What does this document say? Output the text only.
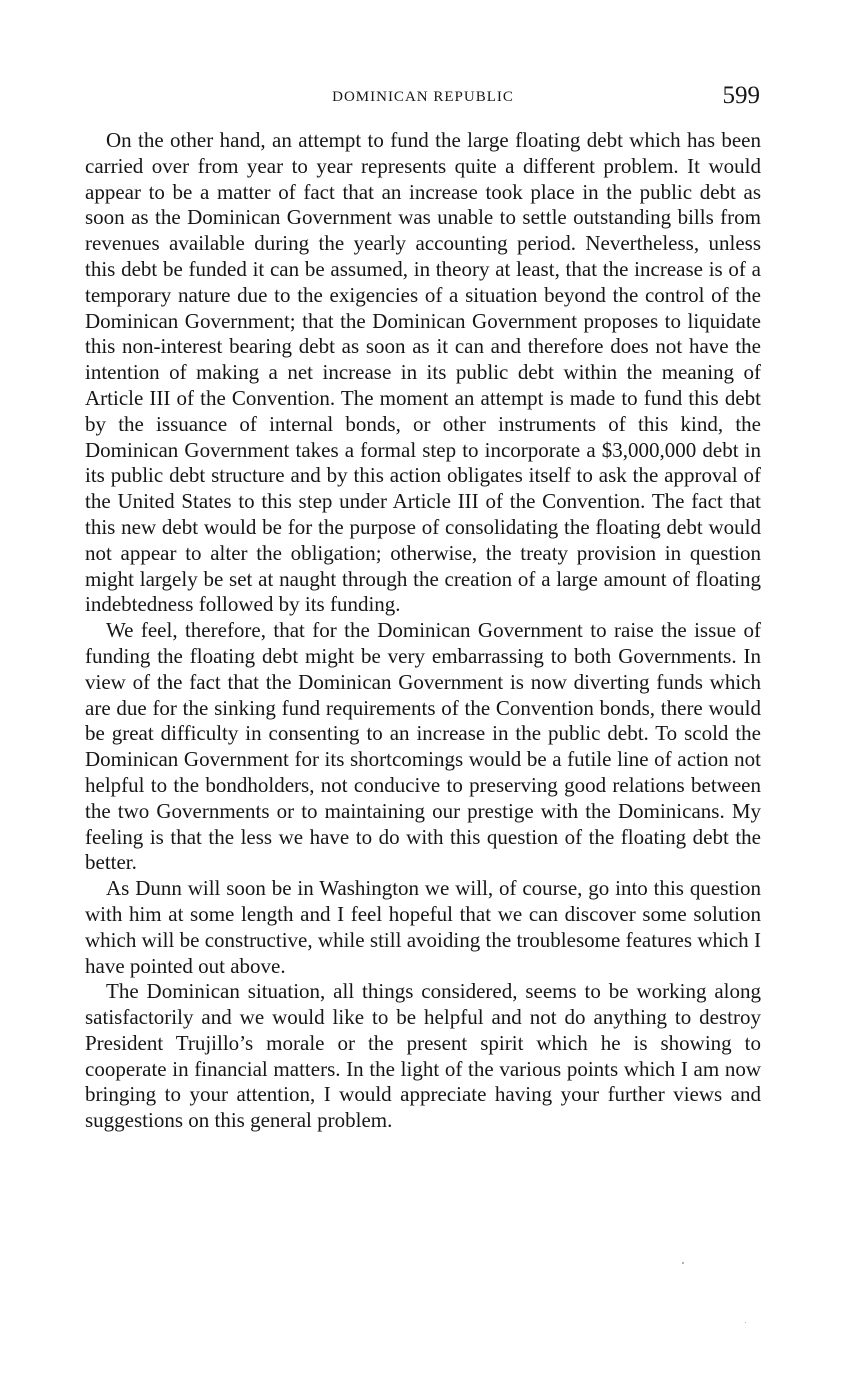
DOMINICAN REPUBLIC	599

On the other hand, an attempt to fund the large floating debt which has been carried over from year to year represents quite a different problem. It would appear to be a matter of fact that an increase took place in the public debt as soon as the Dominican Government was unable to settle outstanding bills from revenues available during the yearly accounting period. Nevertheless, unless this debt be funded it can be assumed, in theory at least, that the increase is of a temporary nature due to the exigencies of a situation beyond the control of the Dominican Government; that the Dominican Government proposes to liquidate this non-interest bearing debt as soon as it can and therefore does not have the intention of making a net increase in its public debt within the meaning of Article III of the Convention. The moment an attempt is made to fund this debt by the issuance of internal bonds, or other instruments of this kind, the Dominican Government takes a formal step to incorporate a $3,000,000 debt in its public debt structure and by this action obligates itself to ask the approval of the United States to this step under Article III of the Convention. The fact that this new debt would be for the purpose of consolidating the floating debt would not appear to alter the obligation; otherwise, the treaty provision in question might largely be set at naught through the creation of a large amount of floating indebtedness followed by its funding.

We feel, therefore, that for the Dominican Government to raise the issue of funding the floating debt might be very embarrassing to both Governments. In view of the fact that the Dominican Government is now diverting funds which are due for the sinking fund requirements of the Convention bonds, there would be great difficulty in consenting to an increase in the public debt. To scold the Dominican Government for its shortcomings would be a futile line of action not helpful to the bondholders, not conducive to preserving good relations between the two Governments or to maintaining our prestige with the Dominicans. My feeling is that the less we have to do with this question of the floating debt the better.

As Dunn will soon be in Washington we will, of course, go into this question with him at some length and I feel hopeful that we can discover some solution which will be constructive, while still avoiding the troublesome features which I have pointed out above.

The Dominican situation, all things considered, seems to be working along satisfactorily and we would like to be helpful and not do anything to destroy President Trujillo’s morale or the present spirit which he is showing to cooperate in financial matters. In the light of the various points which I am now bringing to your attention, I would appreciate having your further views and suggestions on this general problem.
